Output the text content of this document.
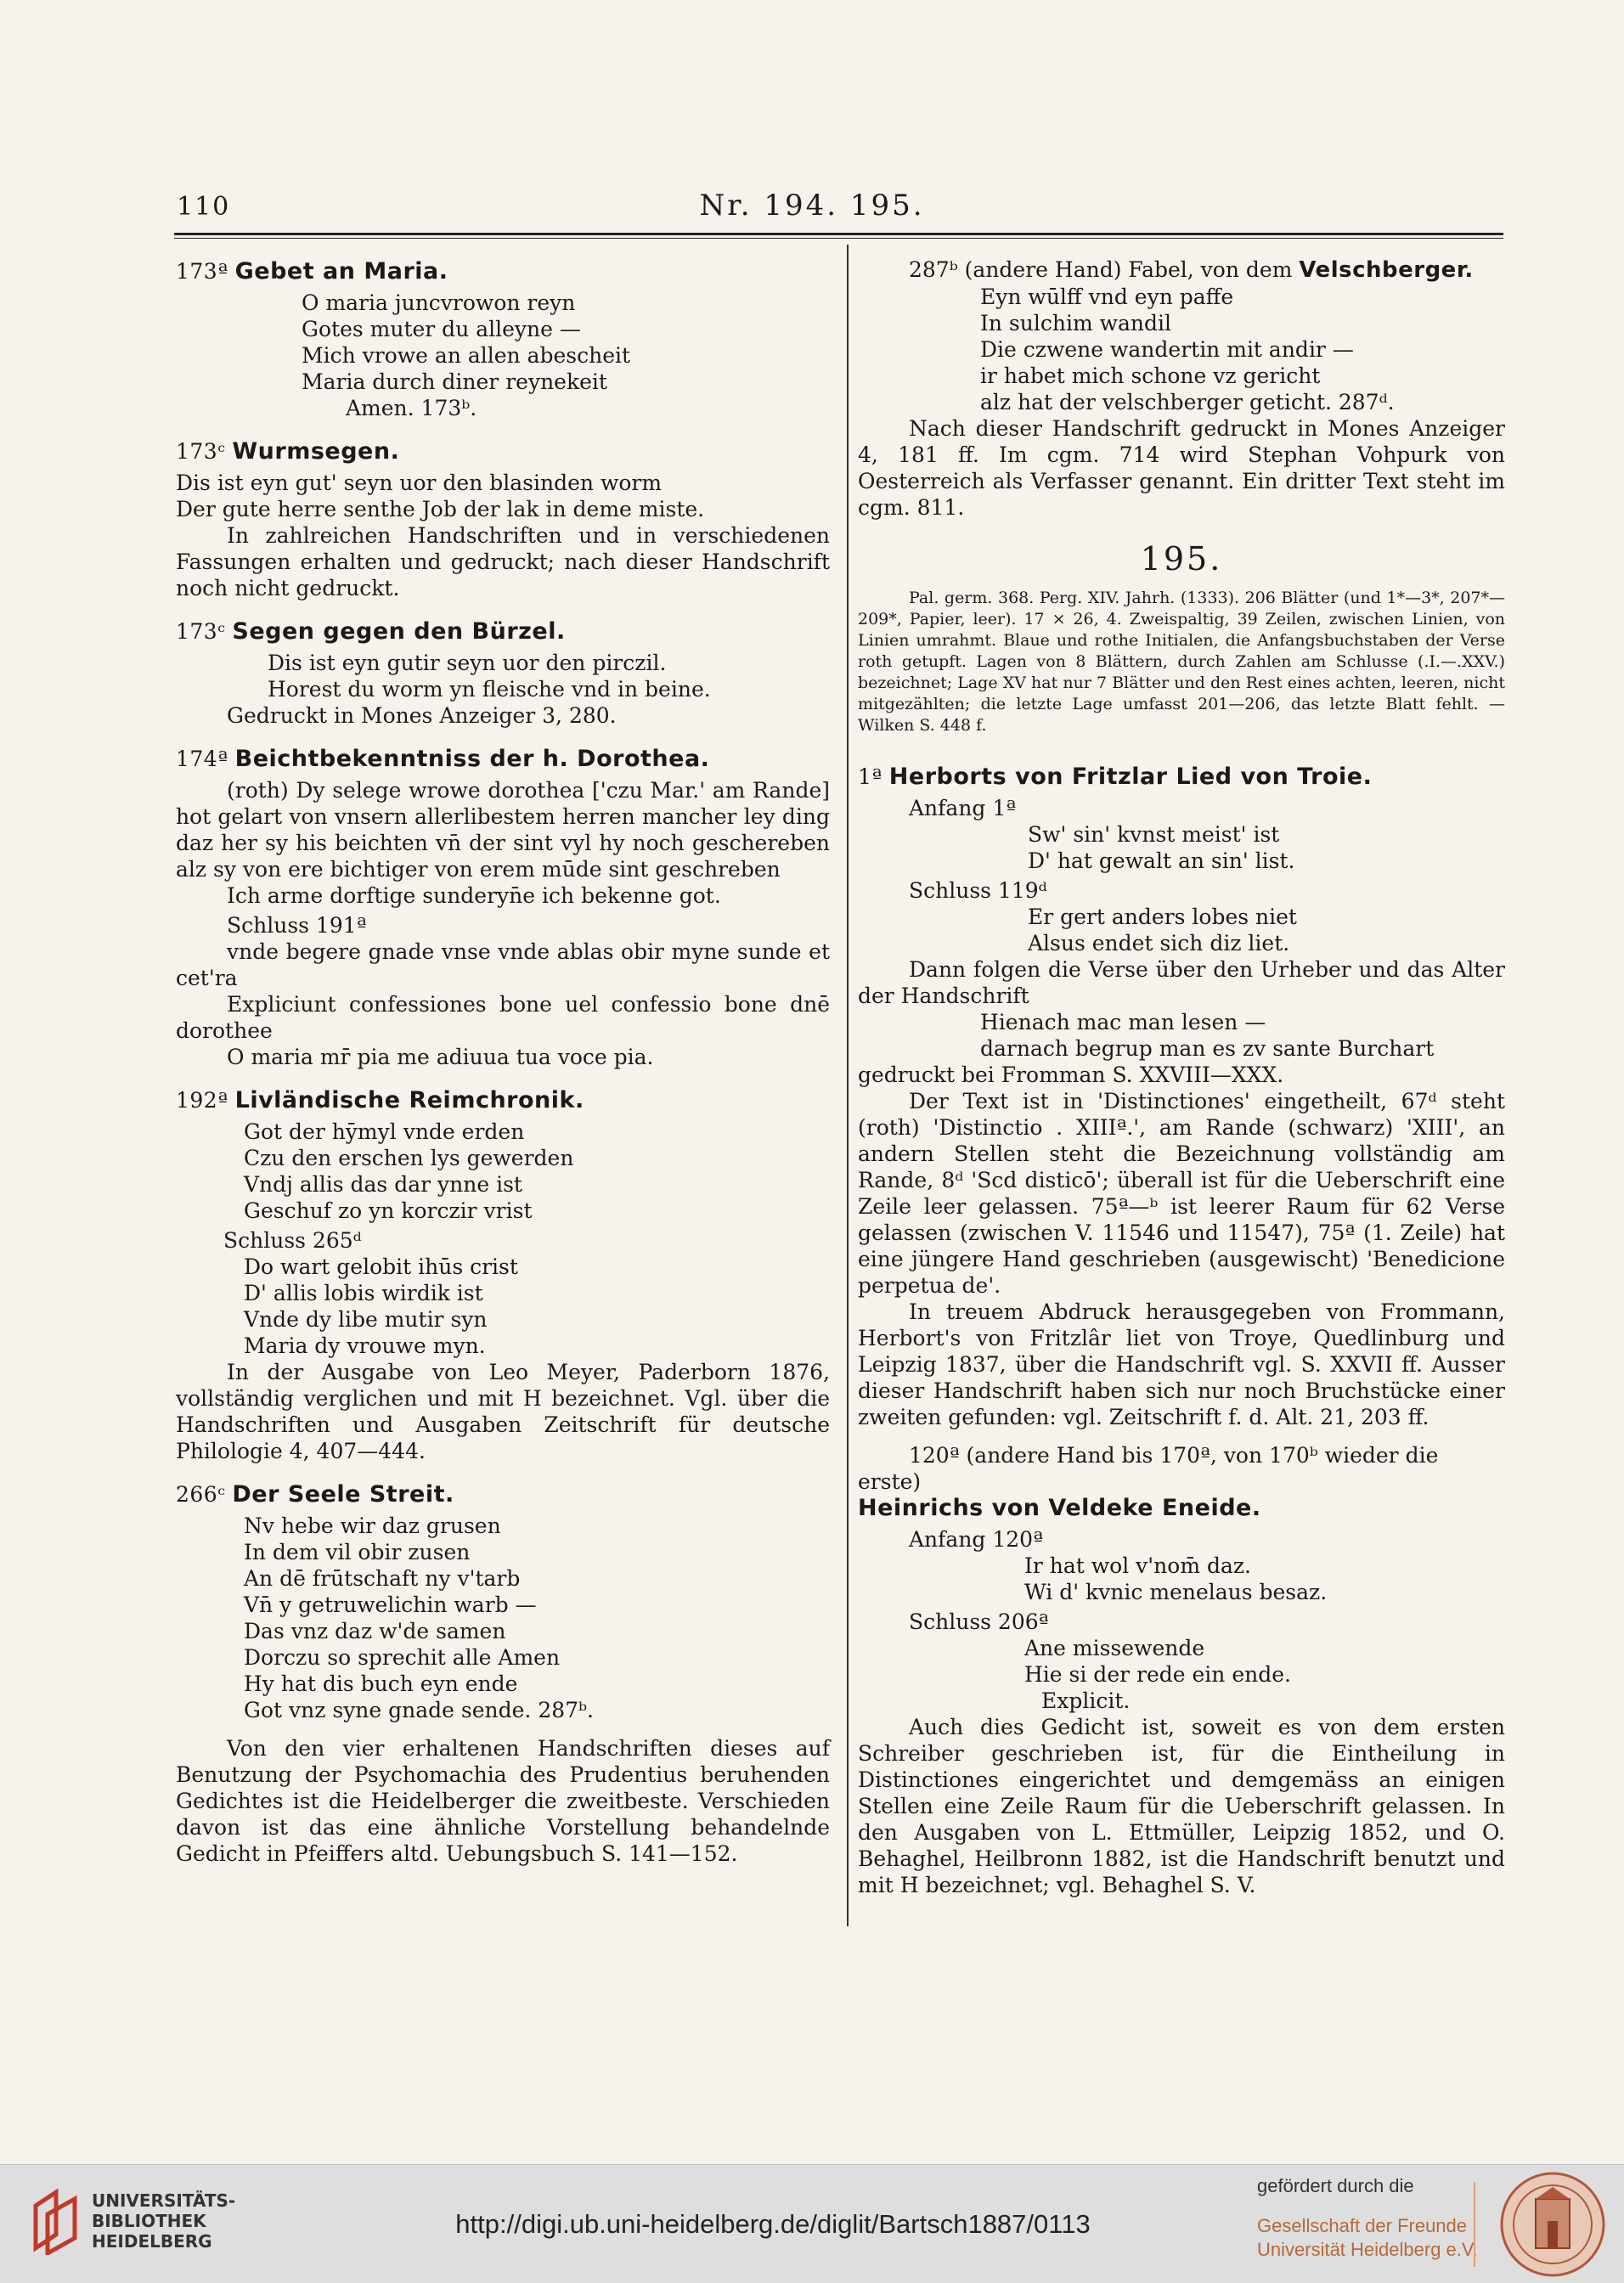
110	Nr. 194. 195.
173ª Gebet an Maria.
O maria juncvrowon reyn
Gotes muter du alleyne —
Mich vrowe an allen abescheit
Maria durch diner reynekeit
Amen. 173ᵇ.
173ᶜ Wurmsegen.
Dis ist eyn gut' seyn uor den blasinden worm
Der gute herre senthe Job der lak in deme miste.

In zahlreichen Handschriften und in verschiedenen Fassungen erhalten und gedruckt; nach dieser Handschrift noch nicht gedruckt.

173ᶜ Segen gegen den Bürzel.
Dis ist eyn gutir seyn uor den pirczil.
Horest du worm yn fleische vnd in beine.

Gedruckt in Mones Anzeiger 3, 280.

174ª Beichtbekenntniss der h. Dorothea.

(roth) Dy selege wrowe dorothea ['czu Mar.' am Rande] hot gelart von vnsern allerlibestem herren mancher ley ding daz her sy his beichten vn̄ der sint vyl hy noch geschereben alz sy von ere bichtiger von erem mūde sint geschreben

Ich arme dorftige sunderyn̄e ich bekenne got.

Schluss 191ª

vnde begere gnade vnse vnde ablas obir myne sunde et cet'ra

Expliciunt confessiones bone uel confessio bone dnē dorothee

O maria mr̄ pia me adiuua tua voce pia.

192ª Livländische Reimchronik.
Got der hȳmyl vnde erden
Czu den erschen lys gewerden
Vndj allis das dar ynne ist
Geschuf zo yn korczir vrist

Schluss 265ᵈ

Do wart gelobit ihūs crist
D' allis lobis wirdik ist
Vnde dy libe mutir syn
Maria dy vrouwe myn.

In der Ausgabe von Leo Meyer, Paderborn 1876, vollständig verglichen und mit H bezeichnet. Vgl. über die Handschriften und Ausgaben Zeitschrift für deutsche Philologie 4, 407—444.

266ᶜ Der Seele Streit.
Nv hebe wir daz grusen
In dem vil obir zusen
An dē frūtschaft ny v'tarb
Vn̄ y getruwelichin warb —
Das vnz daz w'de samen
Dorczu so sprechit alle Amen
Hy hat dis buch eyn ende
Got vnz syne gnade sende. 287ᵇ.

Von den vier erhaltenen Handschriften dieses auf Benutzung der Psychomachia des Prudentius beruhenden Gedichtes ist die Heidelberger die zweitbeste. Verschieden davon ist das eine ähnliche Vorstellung behandelnde Gedicht in Pfeiffers altd. Uebungsbuch S. 141—152.

287ᵇ (andere Hand) Fabel, von dem Velschberger.

Eyn wūlff vnd eyn paffe
In sulchim wandil
Die czwene wandertin mit andir —
ir habet mich schone vz gericht
alz hat der velschberger geticht. 287ᵈ.

Nach dieser Handschrift gedruckt in Mones Anzeiger 4, 181 ff. Im cgm. 714 wird Stephan Vohpurk von Oesterreich als Verfasser genannt. Ein dritter Text steht im cgm. 811.

195.

Pal. germ. 368. Perg. XIV. Jahrh. (1333). 206 Blätter (und 1*—3*, 207*—209*, Papier, leer). 17 × 26, 4. Zweispaltig, 39 Zeilen, zwischen Linien, von Linien umrahmt. Blaue und rothe Initialen, die Anfangsbuchstaben der Verse roth getupft. Lagen von 8 Blättern, durch Zahlen am Schlusse (.I.—.XXV.) bezeichnet; Lage XV hat nur 7 Blätter und den Rest eines achten, leeren, nicht mitgezählten; die letzte Lage umfasst 201—206, das letzte Blatt fehlt. — Wilken S. 448 f.

1ª Herborts von Fritzlar Lied von Troie.

Anfang 1ª

Sw' sin' kvnst meist' ist
D' hat gewalt an sin' list.

Schluss 119ᵈ

Er gert anders lobes niet
Alsus endet sich diz liet.

Dann folgen die Verse über den Urheber und das Alter der Handschrift

Hienach mac man lesen —
darnach begrup man es zv sante Burchart

gedruckt bei Fromman S. XXVIII—XXX.

Der Text ist in 'Distinctiones' eingetheilt, 67ᵈ steht (roth) 'Distinctio . XIIIª.', am Rande (schwarz) 'XIII', an andern Stellen steht die Bezeichnung vollständig am Rande, 8ᵈ 'Scd disticō'; überall ist für die Ueberschrift eine Zeile leer gelassen. 75ª—ᵇ ist leerer Raum für 62 Verse gelassen (zwischen V. 11546 und 11547), 75ª (1. Zeile) hat eine jüngere Hand geschrieben (ausgewischt) 'Benedicione perpetua de'.

In treuem Abdruck herausgegeben von Frommann, Herbort's von Fritzlâr liet von Troye, Quedlinburg und Leipzig 1837, über die Handschrift vgl. S. XXVII ff. Ausser dieser Handschrift haben sich nur noch Bruchstücke einer zweiten gefunden: vgl. Zeitschrift f. d. Alt. 21, 203 ff.

120ª (andere Hand bis 170ª, von 170ᵇ wieder die erste)

Heinrichs von Veldeke Eneide.

Anfang 120ª

Ir hat wol v'nom̄ daz.
Wi d' kvnic menelaus besaz.

Schluss 206ª

Ane missewende
Hie si der rede ein ende.
Explicit.

Auch dies Gedicht ist, soweit es von dem ersten Schreiber geschrieben ist, für die Eintheilung in Distinctiones eingerichtet und demgemäss an einigen Stellen eine Zeile Raum für die Ueberschrift gelassen. In den Ausgaben von L. Ettmüller, Leipzig 1852, und O. Behaghel, Heilbronn 1882, ist die Handschrift benutzt und mit H bezeichnet; vgl. Behaghel S. V.

UNIVERSITÄTS-
BIBLIOTHEK
HEIDELBERG
http://digi.ub.uni-heidelberg.de/diglit/Bartsch1887/0113
gefördert durch die
Gesellschaft der Freunde
Universität Heidelberg e.V.
